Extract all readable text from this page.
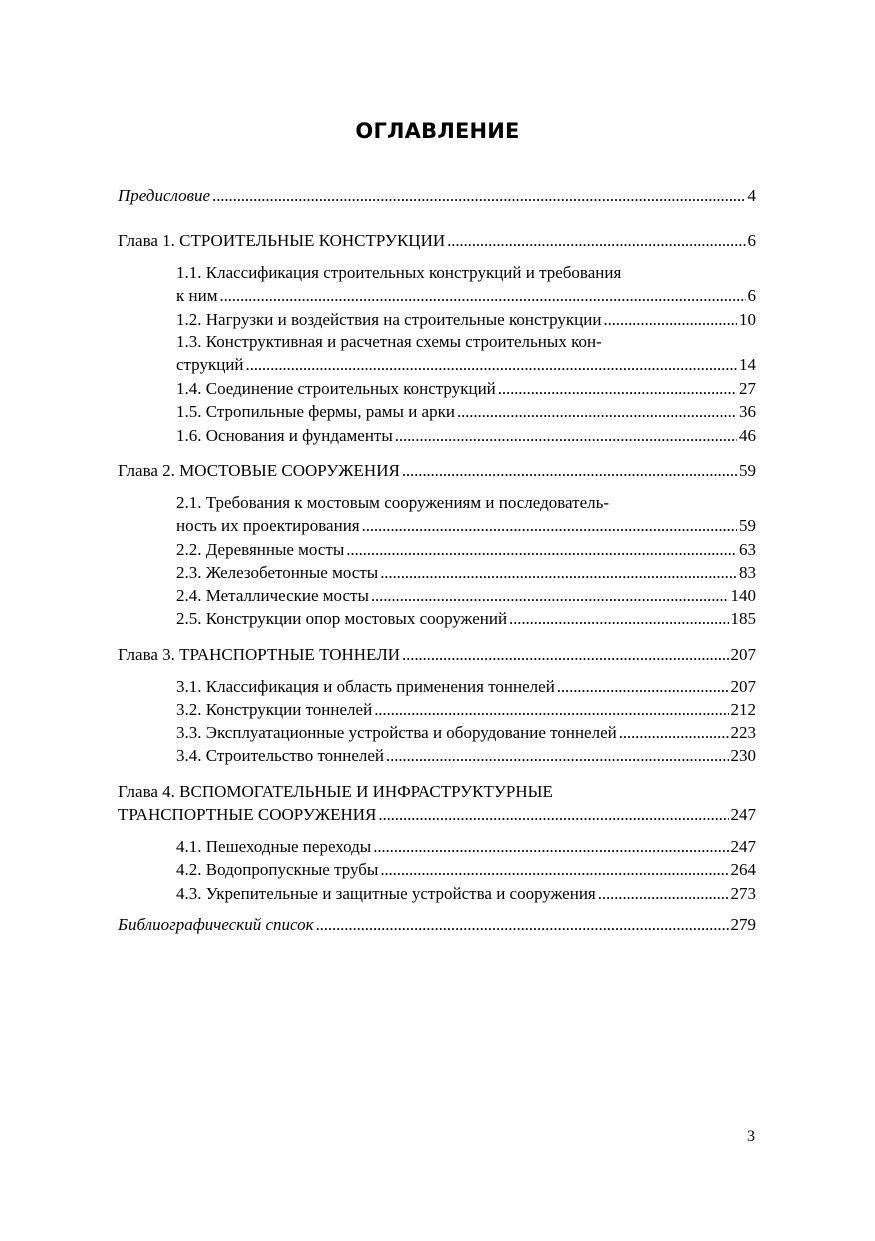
ОГЛАВЛЕНИЕ
Предисловие . . .	4
Глава 1. СТРОИТЕЛЬНЫЕ КОНСТРУКЦИИ . . .	6
1.1. Классификация строительных конструкций и требования
к ним . . .	6
1.2. Нагрузки и воздействия на строительные конструкции . . .	10
1.3. Конструктивная и расчетная схемы строительных кон-
струкций . . .	14
1.4. Соединение строительных конструкций . . .	27
1.5. Стропильные фермы, рамы и арки . . .	36
1.6. Основания и фундаменты . . .	46
Глава 2. МОСТОВЫЕ СООРУЖЕНИЯ . . .	59
2.1. Требования к мостовым сооружениям и последователь-
ность их проектирования . . .	59
2.2. Деревянные мосты . . .	63
2.3. Железобетонные мосты . . .	83
2.4. Металлические мосты . . .	140
2.5. Конструкции опор мостовых сооружений . . .	185
Глава 3. ТРАНСПОРТНЫЕ ТОННЕЛИ . . .	207
3.1. Классификация и область применения тоннелей . . .	207
3.2. Конструкции тоннелей . . .	212
3.3. Эксплуатационные устройства и оборудование тоннелей . . .	223
3.4. Строительство тоннелей . . .	230
Глава 4. ВСПОМОГАТЕЛЬНЫЕ И ИНФРАСТРУКТУРНЫЕ
ТРАНСПОРТНЫЕ СООРУЖЕНИЯ . . .	247
4.1. Пешеходные переходы . . .	247
4.2. Водопропускные трубы . . .	264
4.3. Укрепительные и защитные устройства и сооружения . . .	273
Библиографический список . . .	279
3
